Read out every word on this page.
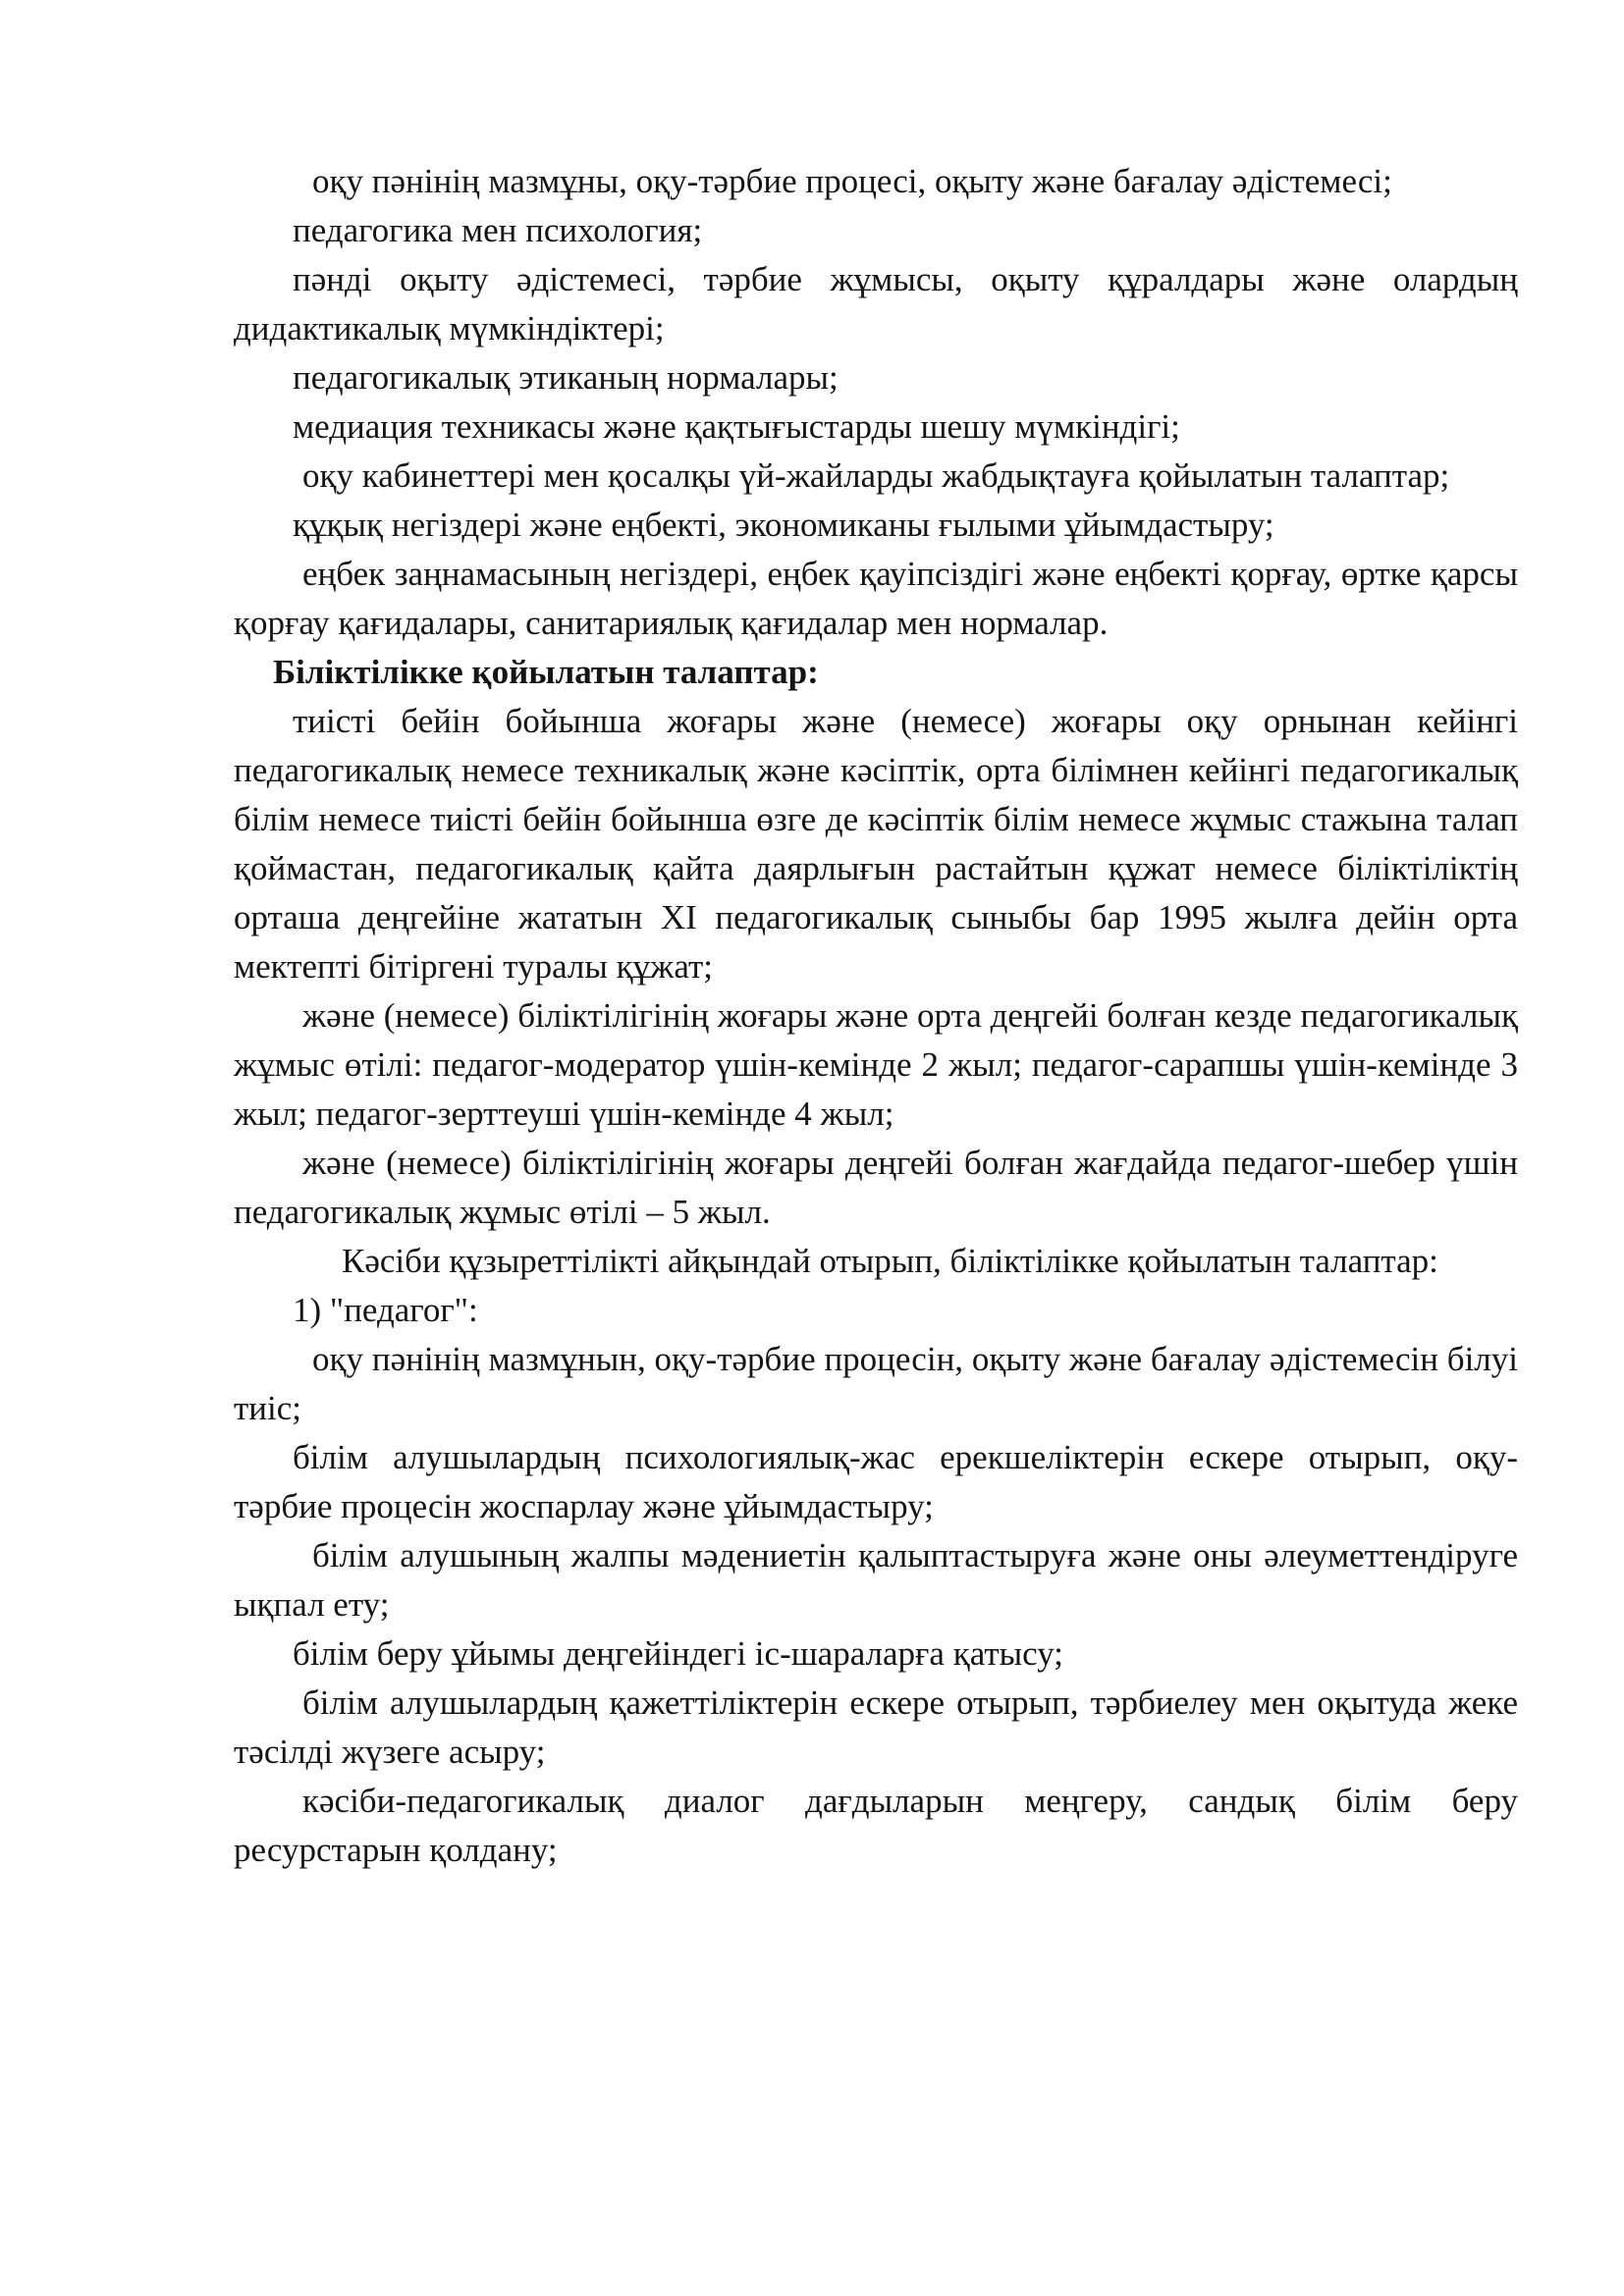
оқу пәнінің мазмұны, оқу-тәрбие процесі, оқыту және бағалау әдістемесі;

педагогика мен психология;

пәнді оқыту әдістемесі, тәрбие жұмысы, оқыту құралдары және олардың дидактикалық мүмкіндіктері;

педагогикалық этиканың нормалары;

медиация техникасы және қақтығыстарды шешу мүмкіндігі;

оқу кабинеттері мен қосалқы үй-жайларды жабдықтауға қойылатын талаптар;

құқық негіздері және еңбекті, экономиканы ғылыми ұйымдастыру;

еңбек заңнамасының негіздері, еңбек қауіпсіздігі және еңбекті қорғау, өртке қарсы қорғау қағидалары, санитариялық қағидалар мен нормалар.

Біліктілікке қойылатын талаптар:

тиісті бейін бойынша жоғары және (немесе) жоғары оқу орнынан кейінгі педагогикалық немесе техникалық және кәсіптік, орта білімнен кейінгі педагогикалық білім немесе тиісті бейін бойынша өзге де кәсіптік білім немесе жұмыс стажына талап қоймастан, педагогикалық қайта даярлығын растайтын құжат немесе біліктіліктің орташа деңгейіне жататын XI педагогикалық сыныбы бар 1995 жылға дейін орта мектепті бітіргені туралы құжат;

және (немесе) біліктілігінің жоғары және орта деңгейі болған кезде педагогикалық жұмыс өтілі: педагог-модератор үшін-кемінде 2 жыл; педагог-сарапшы үшін-кемінде 3 жыл; педагог-зерттеуші үшін-кемінде 4 жыл;

және (немесе) біліктілігінің жоғары деңгейі болған жағдайда педагог-шебер үшін педагогикалық жұмыс өтілі – 5 жыл.

Кәсіби құзыреттілікті айқындай отырып, біліктілікке қойылатын талаптар:

1) "педагог":

оқу пәнінің мазмұнын, оқу-тәрбие процесін, оқыту және бағалау әдістемесін білуі тиіс;

білім алушылардың психологиялық-жас ерекшеліктерін ескере отырып, оқу-тәрбие процесін жоспарлау және ұйымдастыру;

білім алушының жалпы мәдениетін қалыптастыруға және оны әлеуметтендіруге ықпал ету;

білім беру ұйымы деңгейіндегі іс-шараларға қатысу;

білім алушылардың қажеттіліктерін ескере отырып, тәрбиелеу мен оқытуда жеке тәсілді жүзеге асыру;

кәсіби-педагогикалық диалог дағдыларын меңгеру, сандық білім беру ресурстарын қолдану;
